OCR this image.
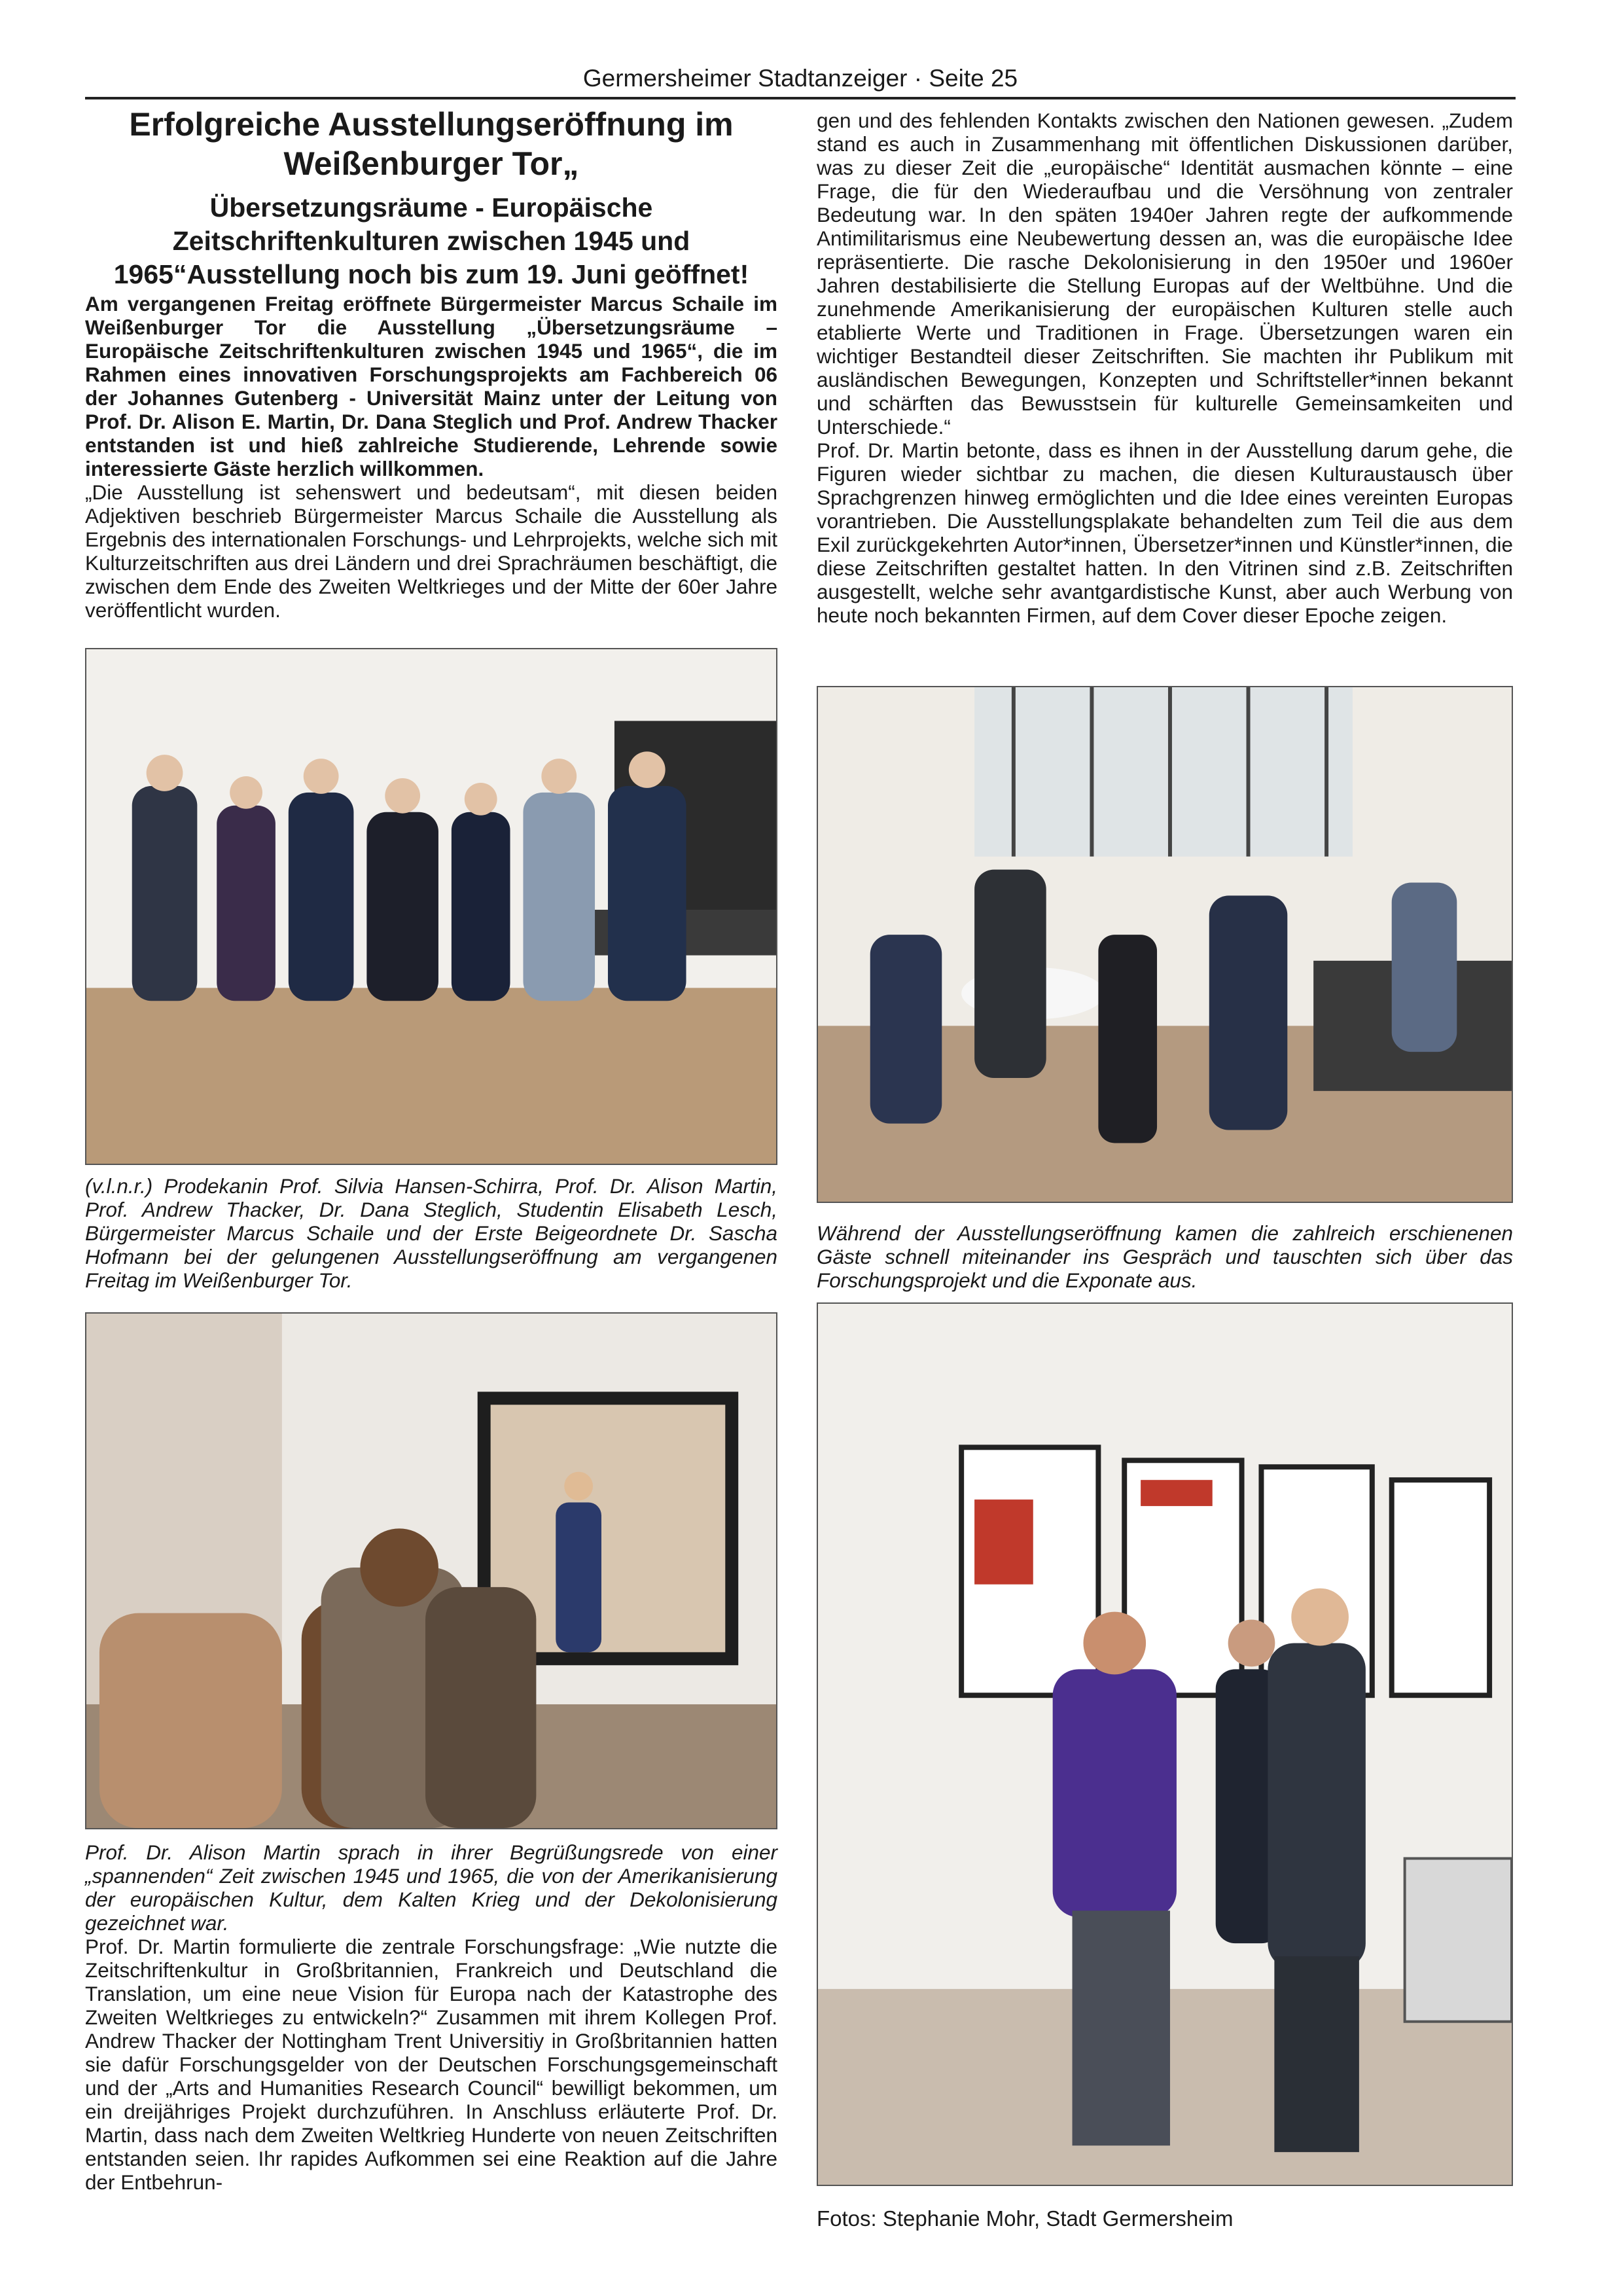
Germersheimer Stadtanzeiger · Seite 25
Erfolgreiche Ausstellungseröffnung im Weißenburger Tor„
Übersetzungsräume - Europäische Zeitschriftenkulturen zwischen 1945 und 1965“Ausstellung noch bis zum 19. Juni geöffnet!

Am vergangenen Freitag eröffnete Bürgermeister Marcus Schaile im Weißenburger Tor die Ausstellung „Übersetzungsräume – Europäische Zeitschriftenkulturen zwischen 1945 und 1965“, die im Rahmen eines innovativen Forschungsprojekts am Fachbereich 06 der Johannes Gutenberg - Universität Mainz unter der Leitung von Prof. Dr. Alison E. Martin, Dr. Dana Steglich und Prof. Andrew Thacker entstanden ist und hieß zahlreiche Studierende, Lehrende sowie interessierte Gäste herzlich willkommen.

„Die Ausstellung ist sehenswert und bedeutsam“, mit diesen beiden Adjektiven beschrieb Bürgermeister Marcus Schaile die Ausstellung als Ergebnis des internationalen Forschungs- und Lehrprojekts, welche sich mit Kulturzeitschriften aus drei Ländern und drei Sprachräumen beschäftigt, die zwischen dem Ende des Zweiten Weltkrieges und der Mitte der 60er Jahre veröffentlicht wurden.

(v.l.n.r.) Prodekanin Prof. Silvia Hansen-Schirra, Prof. Dr. Alison Martin, Prof. Andrew Thacker, Dr. Dana Steglich, Studentin Elisabeth Lesch, Bürgermeister Marcus Schaile und der Erste Beigeordnete Dr. Sascha Hofmann bei der gelungenen Ausstellungseröffnung am vergangenen Freitag im Weißenburger Tor.

Prof. Dr. Alison Martin sprach in ihrer Begrüßungsrede von einer „spannenden“ Zeit zwischen 1945 und 1965, die von der Amerikanisierung der europäischen Kultur, dem Kalten Krieg und der Dekolonisierung gezeichnet war.

Prof. Dr. Martin formulierte die zentrale Forschungsfrage: „Wie nutzte die Zeitschriftenkultur in Großbritannien, Frankreich und Deutschland die Translation, um eine neue Vision für Europa nach der Katastrophe des Zweiten Weltkrieges zu entwickeln?“ Zusammen mit ihrem Kollegen Prof. Andrew Thacker der Nottingham Trent Universitiy in Großbritannien hatten sie dafür Forschungsgelder von der Deutschen Forschungsgemeinschaft und der „Arts and Humanities Research Council“ bewilligt bekommen, um ein dreijähriges Projekt durchzuführen. In Anschluss erläuterte Prof. Dr. Martin, dass nach dem Zweiten Weltkrieg Hunderte von neuen Zeitschriften entstanden seien. Ihr rapides Aufkommen sei eine Reaktion auf die Jahre der Entbehrun-

gen und des fehlenden Kontakts zwischen den Nationen gewesen. „Zudem stand es auch in Zusammenhang mit öffentlichen Diskussionen darüber, was zu dieser Zeit die „europäische“ Identität ausmachen könnte – eine Frage, die für den Wiederaufbau und die Versöhnung von zentraler Bedeutung war. In den späten 1940er Jahren regte der aufkommende Antimilitarismus eine Neubewertung dessen an, was die europäische Idee repräsentierte. Die rasche Dekolonisierung in den 1950er und 1960er Jahren destabilisierte die Stellung Europas auf der Weltbühne. Und die zunehmende Amerikanisierung der europäischen Kulturen stelle auch etablierte Werte und Traditionen in Frage. Übersetzungen waren ein wichtiger Bestandteil dieser Zeitschriften. Sie machten ihr Publikum mit ausländischen Bewegungen, Konzepten und Schriftsteller*innen bekannt und schärften das Bewusstsein für kulturelle Gemeinsamkeiten und Unterschiede.“

Prof. Dr. Martin betonte, dass es ihnen in der Ausstellung darum gehe, die Figuren wieder sichtbar zu machen, die diesen Kulturaustausch über Sprachgrenzen hinweg ermöglichten und die Idee eines vereinten Europas vorantrieben. Die Ausstellungsplakate behandelten zum Teil die aus dem Exil zurückgekehrten Autor*innen, Übersetzer*innen und Künstler*innen, die diese Zeitschriften gestaltet hatten. In den Vitrinen sind z.B. Zeitschriften ausgestellt, welche sehr avantgardistische Kunst, aber auch Werbung von heute noch bekannten Firmen, auf dem Cover dieser Epoche zeigen.

Während der Ausstellungseröffnung kamen die zahlreich erschienenen Gäste schnell miteinander ins Gespräch und tauschten sich über das Forschungsprojekt und die Exponate aus.

Fotos: Stephanie Mohr, Stadt Germersheim
